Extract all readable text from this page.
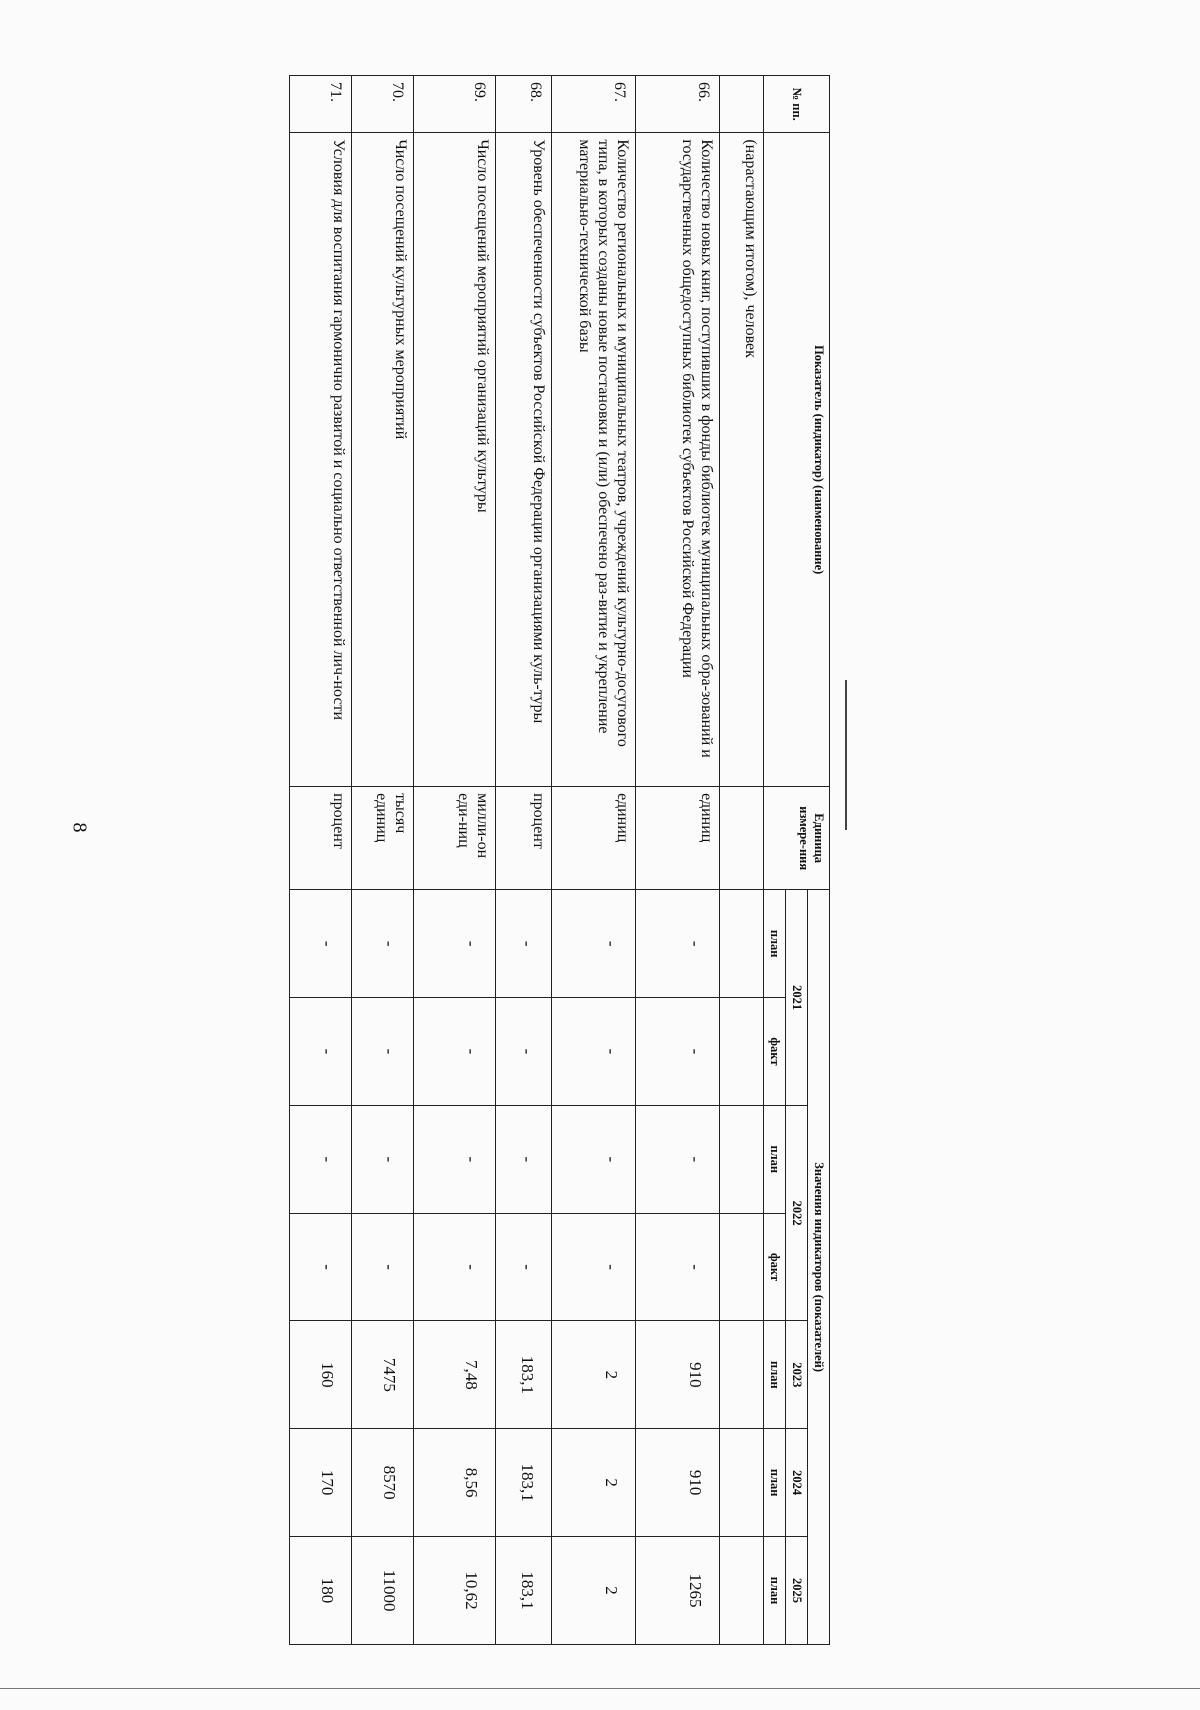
8
№ пп.	Показатель (индикатор) (наименование)	Единица измере-ния	Значения индикаторов (показателей)						
			2021		2022		2023	2024	2025
			план	факт	план	факт	план	план	план
	(нарастающим итогом), человек								
66.	Количество новых книг, поступивших в фонды библиотек муниципальных обра-зований и государственных общедоступных библиотек субъектов Российской Федерации	единиц	-	-	-	-	910	910	1265
67.	Количество региональных и муниципальных театров, учреждений культурно-досугового типа, в которых созданы новые постановки и (или) обеспечено раз-витие и укрепление материально-технической базы	единиц	-	-	-	-	2	2	2
68.	Уровень обеспеченности субъектов Российской Федерации организациями куль-туры	процент	-	-	-	-	183,1	183,1	183,1
69.	Число посещений мероприятий организаций культуры	милли-он еди-ниц	-	-	-	-	7,48	8,56	10,62
70.	Число посещений культурных мероприятий	тысяч единиц	-	-	-	-	7475	8570	11000
71.	Условия для воспитания гармонично развитой и социально ответственной лич-ности	процент	-	-	-	-	160	170	180
